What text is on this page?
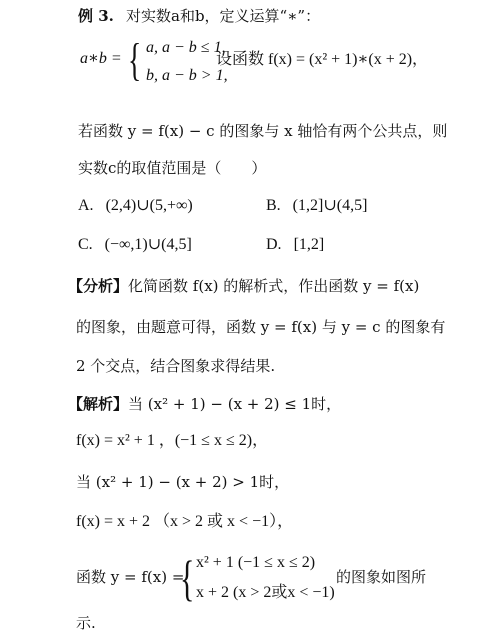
例 3. 对实数a和b，定义运算“∗”：
a∗b = { a, a − b ≤ 1,
b, a − b > 1,
设函数 f(x) = (x² + 1)∗(x + 2)，
若函数 y = f(x) − c 的图象与 x 轴恰有两个公共点，则
实数c的取值范围是（　　）
A. (2,4)∪(5,+∞)	B. (1,2]∪(4,5]
C. (−∞,1)∪(4,5]	D. [1,2]
【分析】化简函数 f(x) 的解析式，作出函数 y = f(x)
的图象，由题意可得，函数 y = f(x) 与 y = c 的图象有
2 个交点，结合图象求得结果.
【解析】当 (x² + 1) − (x + 2) ≤ 1时，
f(x) = x² + 1 ，(−1 ≤ x ≤ 2)，
当 (x² + 1) − (x + 2) > 1时，
f(x) = x + 2 （x > 2 或 x < −1），
函数 y = f(x) =
{ x² + 1 (−1 ≤ x ≤ 2)
x + 2 (x > 2或x < −1)
的图象如图所
示.
